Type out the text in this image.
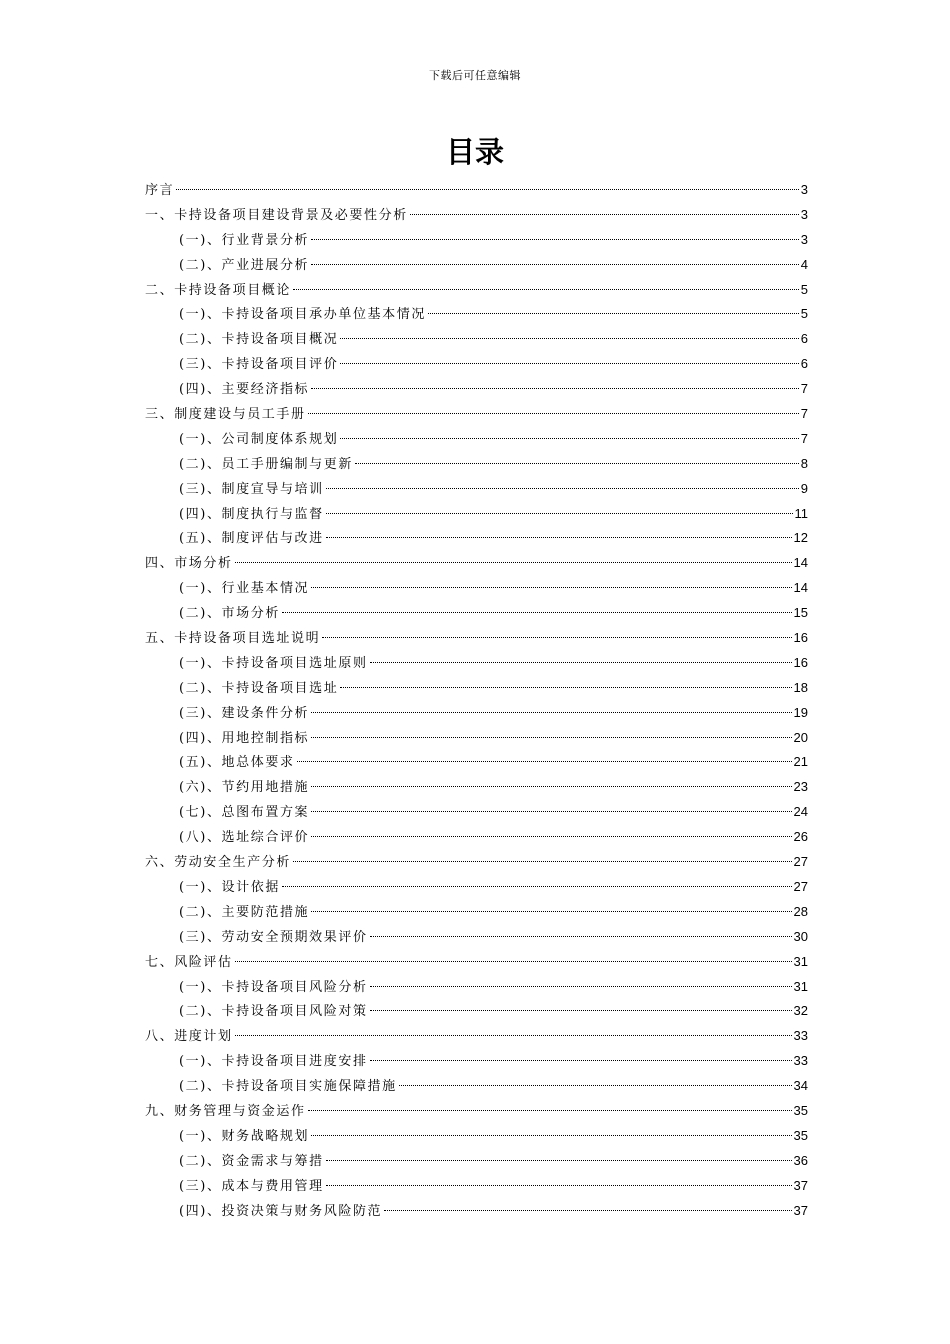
下载后可任意编辑
目录
序言	3
一、卡持设备项目建设背景及必要性分析	3
(一)、行业背景分析	3
(二)、产业进展分析	4
二、卡持设备项目概论	5
(一)、卡持设备项目承办单位基本情况	5
(二)、卡持设备项目概况	6
(三)、卡持设备项目评价	6
(四)、主要经济指标	7
三、制度建设与员工手册	7
(一)、公司制度体系规划	7
(二)、员工手册编制与更新	8
(三)、制度宣导与培训	9
(四)、制度执行与监督	11
(五)、制度评估与改进	12
四、市场分析	14
(一)、行业基本情况	14
(二)、市场分析	15
五、卡持设备项目选址说明	16
(一)、卡持设备项目选址原则	16
(二)、卡持设备项目选址	18
(三)、建设条件分析	19
(四)、用地控制指标	20
(五)、地总体要求	21
(六)、节约用地措施	23
(七)、总图布置方案	24
(八)、选址综合评价	26
六、劳动安全生产分析	27
(一)、设计依据	27
(二)、主要防范措施	28
(三)、劳动安全预期效果评价	30
七、风险评估	31
(一)、卡持设备项目风险分析	31
(二)、卡持设备项目风险对策	32
八、进度计划	33
(一)、卡持设备项目进度安排	33
(二)、卡持设备项目实施保障措施	34
九、财务管理与资金运作	35
(一)、财务战略规划	35
(二)、资金需求与筹措	36
(三)、成本与费用管理	37
(四)、投资决策与财务风险防范	37
